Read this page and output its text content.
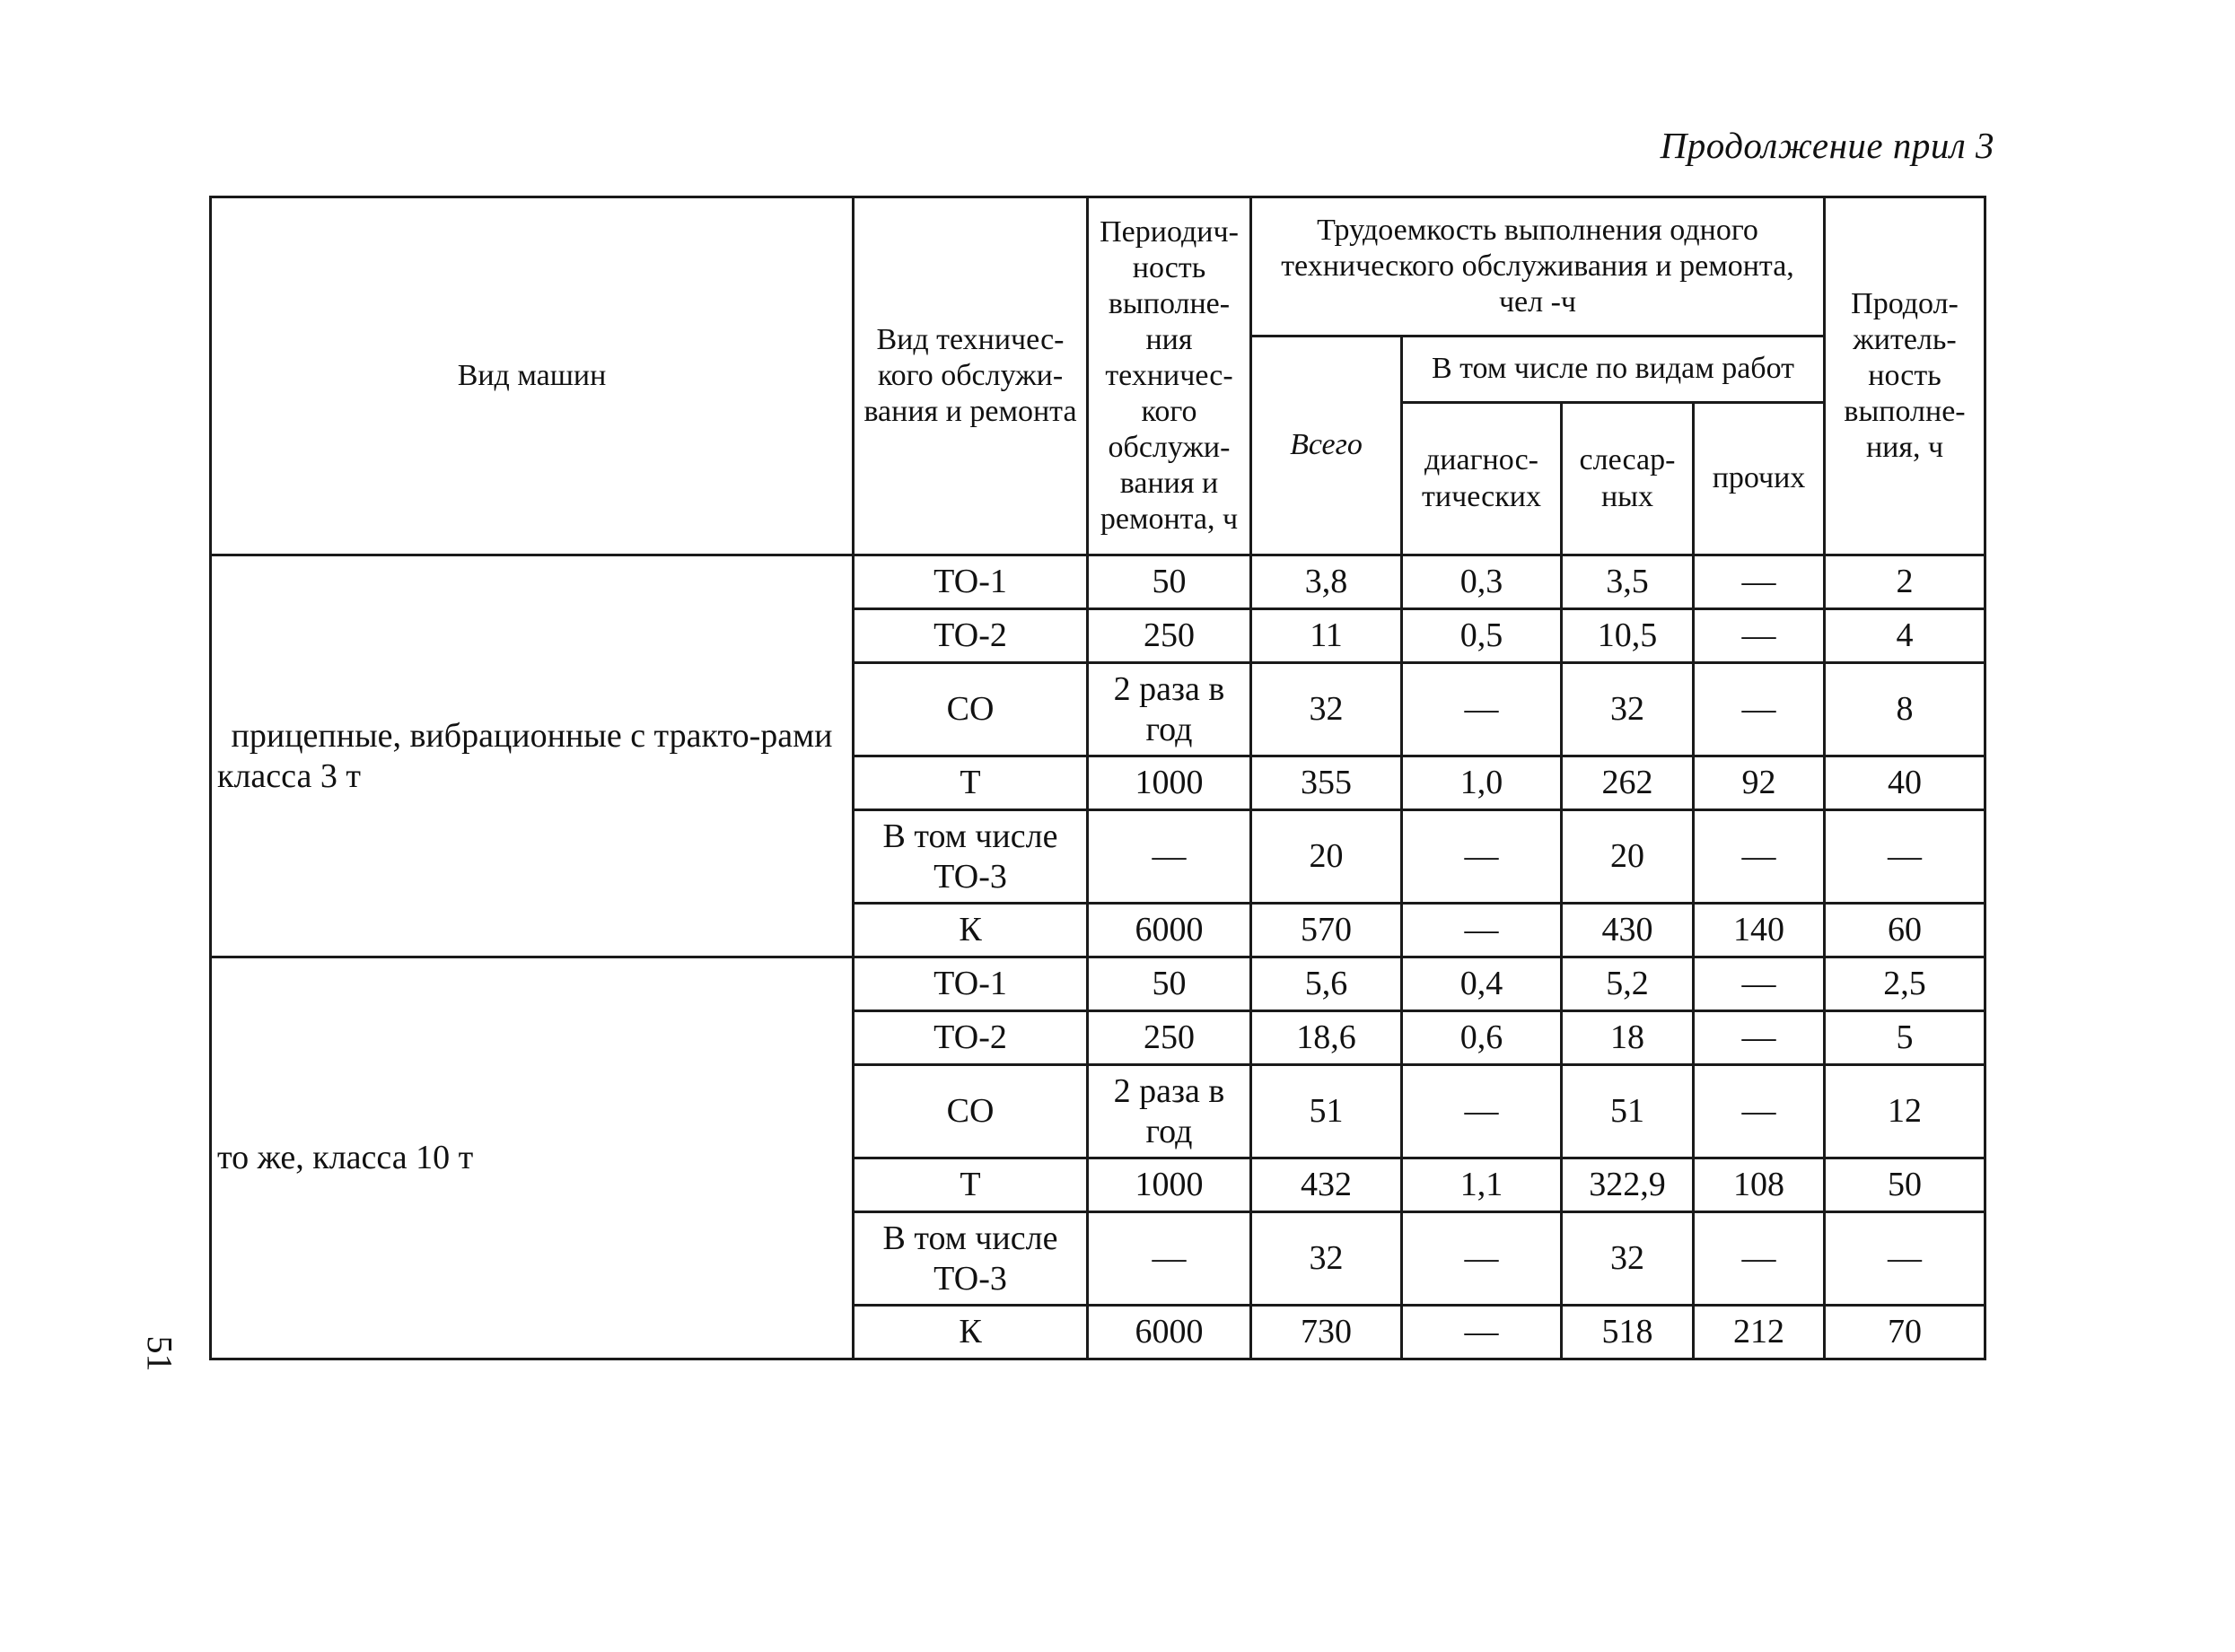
Продолжение прил 3
Вид машин	Вид техничес-кого обслужи-вания и ремонта	Периодич-ность выполне-ния техничес-кого обслужи-вания и ремонта, ч	Трудоемкость выполнения одного технического обслуживания и ремонта, чел -ч				Продол-житель-ность выполне-ния, ч
			Всего	В том числе по видам работ			
				диагнос-тических	слесар-ных	прочих	
прицепные, вибрационные с тракто-рами класса 3 т	ТО-1	50	3,8	0,3	3,5	—	2
	ТО-2	250	11	0,5	10,5	—	4
	СО	2 раза в год	32	—	32	—	8
	Т	1000	355	1,0	262	92	40
	В том числе ТО-3	—	20	—	20	—	—
	К	6000	570	—	430	140	60
то же, класса 10 т	ТО-1	50	5,6	0,4	5,2	—	2,5
	ТО-2	250	18,6	0,6	18	—	5
	СО	2 раза в год	51	—	51	—	12
	Т	1000	432	1,1	322,9	108	50
	В том числе ТО-3	—	32	—	32	—	—
	К	6000	730	—	518	212	70
51
